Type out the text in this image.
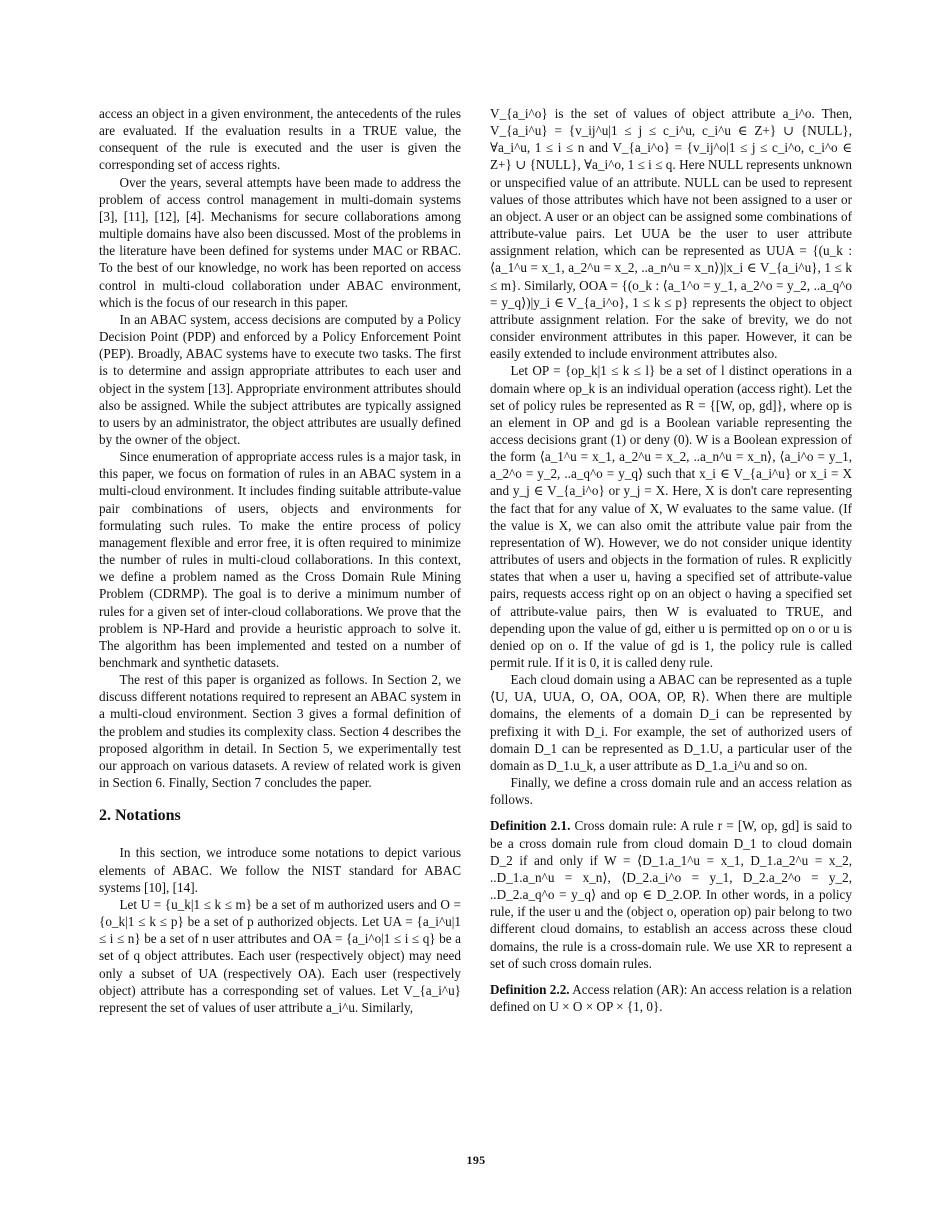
access an object in a given environment, the antecedents of the rules are evaluated. If the evaluation results in a TRUE value, the consequent of the rule is executed and the user is given the corresponding set of access rights.

Over the years, several attempts have been made to address the problem of access control management in multi-domain systems [3], [11], [12], [4]. Mechanisms for secure collaborations among multiple domains have also been discussed. Most of the problems in the literature have been defined for systems under MAC or RBAC. To the best of our knowledge, no work has been reported on access control in multi-cloud collaboration under ABAC environment, which is the focus of our research in this paper.

In an ABAC system, access decisions are computed by a Policy Decision Point (PDP) and enforced by a Policy Enforcement Point (PEP). Broadly, ABAC systems have to execute two tasks. The first is to determine and assign appropriate attributes to each user and object in the system [13]. Appropriate environment attributes should also be assigned. While the subject attributes are typically assigned to users by an administrator, the object attributes are usually defined by the owner of the object.

Since enumeration of appropriate access rules is a major task, in this paper, we focus on formation of rules in an ABAC system in a multi-cloud environment. It includes finding suitable attribute-value pair combinations of users, objects and environments for formulating such rules. To make the entire process of policy management flexible and error free, it is often required to minimize the number of rules in multi-cloud collaborations. In this context, we define a problem named as the Cross Domain Rule Mining Problem (CDRMP). The goal is to derive a minimum number of rules for a given set of inter-cloud collaborations. We prove that the problem is NP-Hard and provide a heuristic approach to solve it. The algorithm has been implemented and tested on a number of benchmark and synthetic datasets.

The rest of this paper is organized as follows. In Section 2, we discuss different notations required to represent an ABAC system in a multi-cloud environment. Section 3 gives a formal definition of the problem and studies its complexity class. Section 4 describes the proposed algorithm in detail. In Section 5, we experimentally test our approach on various datasets. A review of related work is given in Section 6. Finally, Section 7 concludes the paper.

2. Notations

In this section, we introduce some notations to depict various elements of ABAC. We follow the NIST standard for ABAC systems [10], [14].

Let U = {u_k|1 ≤ k ≤ m} be a set of m authorized users and O = {o_k|1 ≤ k ≤ p} be a set of p authorized objects. Let UA = {a_i^u|1 ≤ i ≤ n} be a set of n user attributes and OA = {a_i^o|1 ≤ i ≤ q} be a set of q object attributes. Each user (respectively object) may need only a subset of UA (respectively OA). Each user (respectively object) attribute has a corresponding set of values. Let V_{a_i^u} represent the set of values of user attribute a_i^u. Similarly,

V_{a_i^o} is the set of values of object attribute a_i^o. Then, V_{a_i^u} = {v_ij^u|1 ≤ j ≤ c_i^u, c_i^u ∈ Z+} ∪ {NULL}, ∀a_i^u, 1 ≤ i ≤ n and V_{a_i^o} = {v_ij^o|1 ≤ j ≤ c_i^o, c_i^o ∈ Z+} ∪ {NULL}, ∀a_i^o, 1 ≤ i ≤ q. Here NULL represents unknown or unspecified value of an attribute. NULL can be used to represent values of those attributes which have not been assigned to a user or an object. A user or an object can be assigned some combinations of attribute-value pairs. Let UUA be the user to user attribute assignment relation, which can be represented as UUA = {(u_k : ⟨a_1^u = x_1, a_2^u = x_2, ..a_n^u = x_n⟩)|x_i ∈ V_{a_i^u}, 1 ≤ k ≤ m}. Similarly, OOA = {(o_k : ⟨a_1^o = y_1, a_2^o = y_2, ..a_q^o = y_q⟩)|y_i ∈ V_{a_i^o}, 1 ≤ k ≤ p} represents the object to object attribute assignment relation. For the sake of brevity, we do not consider environment attributes in this paper. However, it can be easily extended to include environment attributes also.

Let OP = {op_k|1 ≤ k ≤ l} be a set of l distinct operations in a domain where op_k is an individual operation (access right). Let the set of policy rules be represented as R = {[W, op, gd]}, where op is an element in OP and gd is a Boolean variable representing the access decisions grant (1) or deny (0). W is a Boolean expression of the form ⟨a_1^u = x_1, a_2^u = x_2, ..a_n^u = x_n⟩, ⟨a_i^o = y_1, a_2^o = y_2, ..a_q^o = y_q⟩ such that x_i ∈ V_{a_i^u} or x_i = X and y_j ∈ V_{a_i^o} or y_j = X. Here, X is don't care representing the fact that for any value of X, W evaluates to the same value. (If the value is X, we can also omit the attribute value pair from the representation of W). However, we do not consider unique identity attributes of users and objects in the formation of rules. R explicitly states that when a user u, having a specified set of attribute-value pairs, requests access right op on an object o having a specified set of attribute-value pairs, then W is evaluated to TRUE, and depending upon the value of gd, either u is permitted op on o or u is denied op on o. If the value of gd is 1, the policy rule is called permit rule. If it is 0, it is called deny rule.

Each cloud domain using a ABAC can be represented as a tuple ⟨U, UA, UUA, O, OA, OOA, OP, R⟩. When there are multiple domains, the elements of a domain D_i can be represented by prefixing it with D_i. For example, the set of authorized users of domain D_1 can be represented as D_1.U, a particular user of the domain as D_1.u_k, a user attribute as D_1.a_i^u and so on.

Finally, we define a cross domain rule and an access relation as follows.

Definition 2.1. Cross domain rule: A rule r = [W, op, gd] is said to be a cross domain rule from cloud domain D_1 to cloud domain D_2 if and only if W = ⟨D_1.a_1^u = x_1, D_1.a_2^u = x_2, ..D_1.a_n^u = x_n⟩, ⟨D_2.a_i^o = y_1, D_2.a_2^o = y_2, ..D_2.a_q^o = y_q⟩ and op ∈ D_2.OP. In other words, in a policy rule, if the user u and the (object o, operation op) pair belong to two different cloud domains, to establish an access across these cloud domains, the rule is a cross-domain rule. We use XR to represent a set of such cross domain rules.

Definition 2.2. Access relation (AR): An access relation is a relation defined on U × O × OP × {1, 0}.

195
